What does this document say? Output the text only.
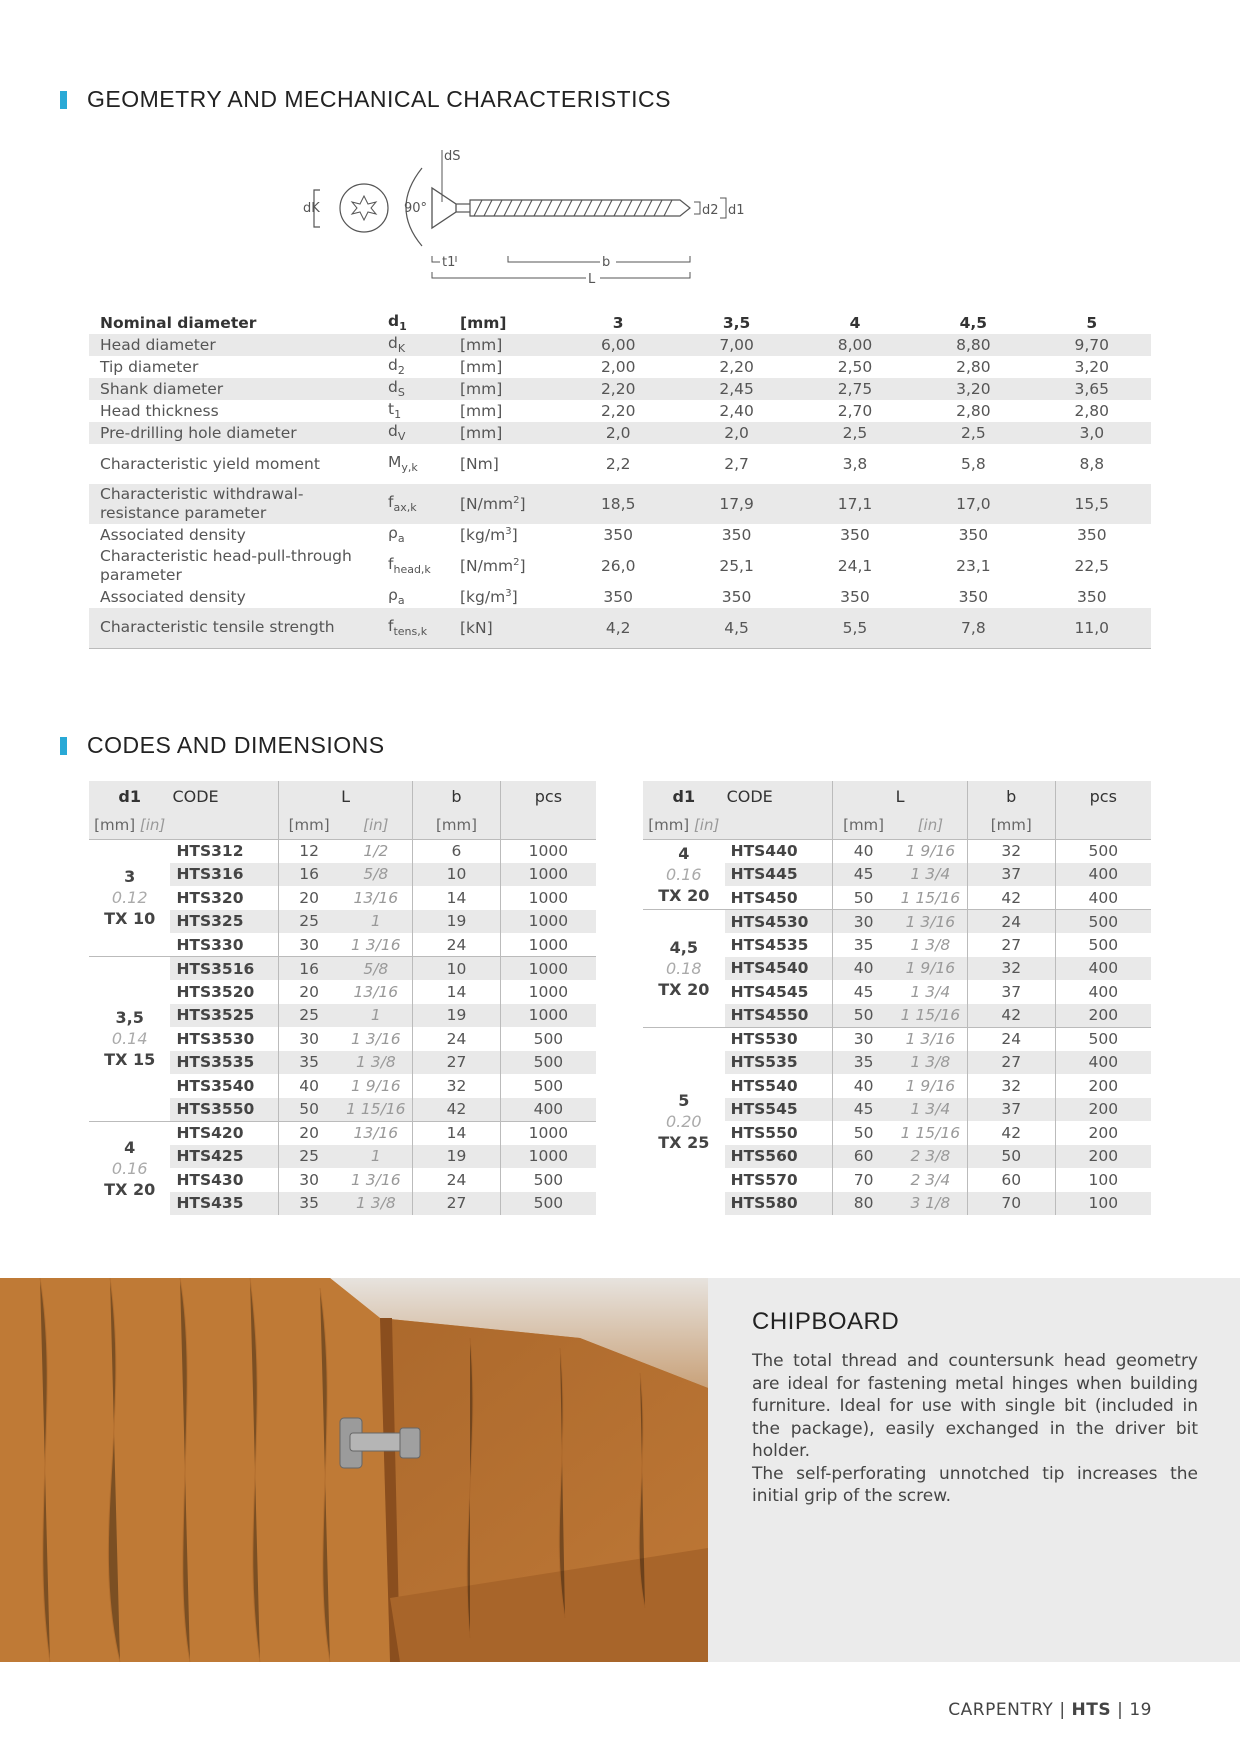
GEOMETRY AND MECHANICAL CHARACTERISTICS
dK	90°
dS
d2 d1
t1	b
L
Nominal diameter	$d_1$	[mm]	3	3,5	4	4,5	5
Head diameter	$d_K$	[mm]	6,00	7,00	8,00	8,80	9,70
Tip diameter	$d_2$	[mm]	2,00	2,20	2,50	2,80	3,20
Shank diameter	$d_S$	[mm]	2,20	2,45	2,75	3,20	3,65
Head thickness	$t_1$	[mm]	2,20	2,40	2,70	2,80	2,80
Pre-drilling hole diameter	$d_V$	[mm]	2,0	2,0	2,5	2,5	3,0
Characteristic yield moment	$M_{y,k}$	[Nm]	2,2	2,7	3,8	5,8	8,8
Characteristic withdrawal-resistance parameter	$f_{ax,k}$	$[N/mm^2]$	18,5	17,9	17,1	17,0	15,5
Associated density	$\rho_a$	$[kg/m^3]$	350	350	350	350	350
Characteristic head-pull-through parameter	$f_{head,k}$	$[N/mm^2]$	26,0	25,1	24,1	23,1	22,5
Associated density	$\rho_a$	$[kg/m^3]$	350	350	350	350	350
Characteristic tensile strength	$f_{tens,k}$	[kN]	4,2	4,5	5,5	7,8	11,0
CODES AND DIMENSIONS
d1	CODE	L		b	pcs
[mm] [in]		[mm]	[in]	[mm]	

3
0.12
TX 10	HTS312	12	1/2	6	1000
	HTS316	16	5/8	10	1000
	HTS320	20	13/16	14	1000
	HTS325	25	1	19	1000
	HTS330	30	1 3/16	24	1000

3,5
0.14
TX 15	HTS3516	16	5/8	10	1000
	HTS3520	20	13/16	14	1000
	HTS3525	25	1	19	1000
	HTS3530	30	1 3/16	24	500
	HTS3535	35	1 3/8	27	500
	HTS3540	40	1 9/16	32	500
	HTS3550	50	1 15/16	42	400

4
0.16
TX 20	HTS420	20	13/16	14	1000
	HTS425	25	1	19	1000
	HTS430	30	1 3/16	24	500
	HTS435	35	1 3/8	27	500
d1	CODE	L		b	pcs
[mm] [in]		[mm]	[in]	[mm]	

4
0.16
TX 20	HTS440	40	1 9/16	32	500
	HTS445	45	1 3/4	37	400
	HTS450	50	1 15/16	42	400

4,5
0.18
TX 20	HTS4530	30	1 3/16	24	500
	HTS4535	35	1 3/8	27	500
	HTS4540	40	1 9/16	32	400
	HTS4545	45	1 3/4	37	400
	HTS4550	50	1 15/16	42	200

5
0.20
TX 25	HTS530	30	1 3/16	24	500
	HTS535	35	1 3/8	27	400
	HTS540	40	1 9/16	32	200
	HTS545	45	1 3/4	37	200
	HTS550	50	1 15/16	42	200
	HTS560	60	2 3/8	50	200
	HTS570	70	2 3/4	60	100
	HTS580	80	3 1/8	70	100
CHIPBOARD

The total thread and countersunk head geometry are ideal for fastening metal hinges when building furniture. Ideal for use with single bit (included in the package), easily exchanged in the driver bit holder.

The self-perforating unnotched tip increases the initial grip of the screw.

CARPENTRY | HTS | 19
